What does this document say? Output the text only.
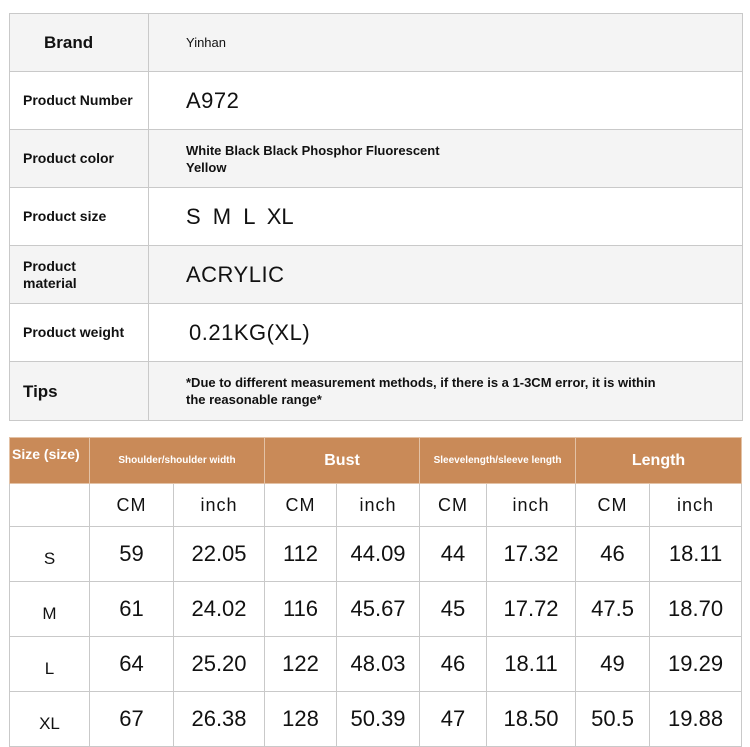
Brand	Yinhan
Product Number	A972
Product color	White Black Black Phosphor Fluorescent
Yellow
Product size	S M L XL
Product
material	ACRYLIC
Product weight	0.21KG(XL)
Tips	*Due to different measurement methods, if there is a 1-3CM error, it is within
the reasonable range*
Size (size)	Shoulder/shoulder width		Bust		Sleevelength/sleeve length		Length	
	CM	inch	CM	inch	CM	inch	CM	inch
S	59	22.05	112	44.09	44	17.32	46	18.11
M	61	24.02	116	45.67	45	17.72	47.5	18.70
L	64	25.20	122	48.03	46	18.11	49	19.29
XL	67	26.38	128	50.39	47	18.50	50.5	19.88
